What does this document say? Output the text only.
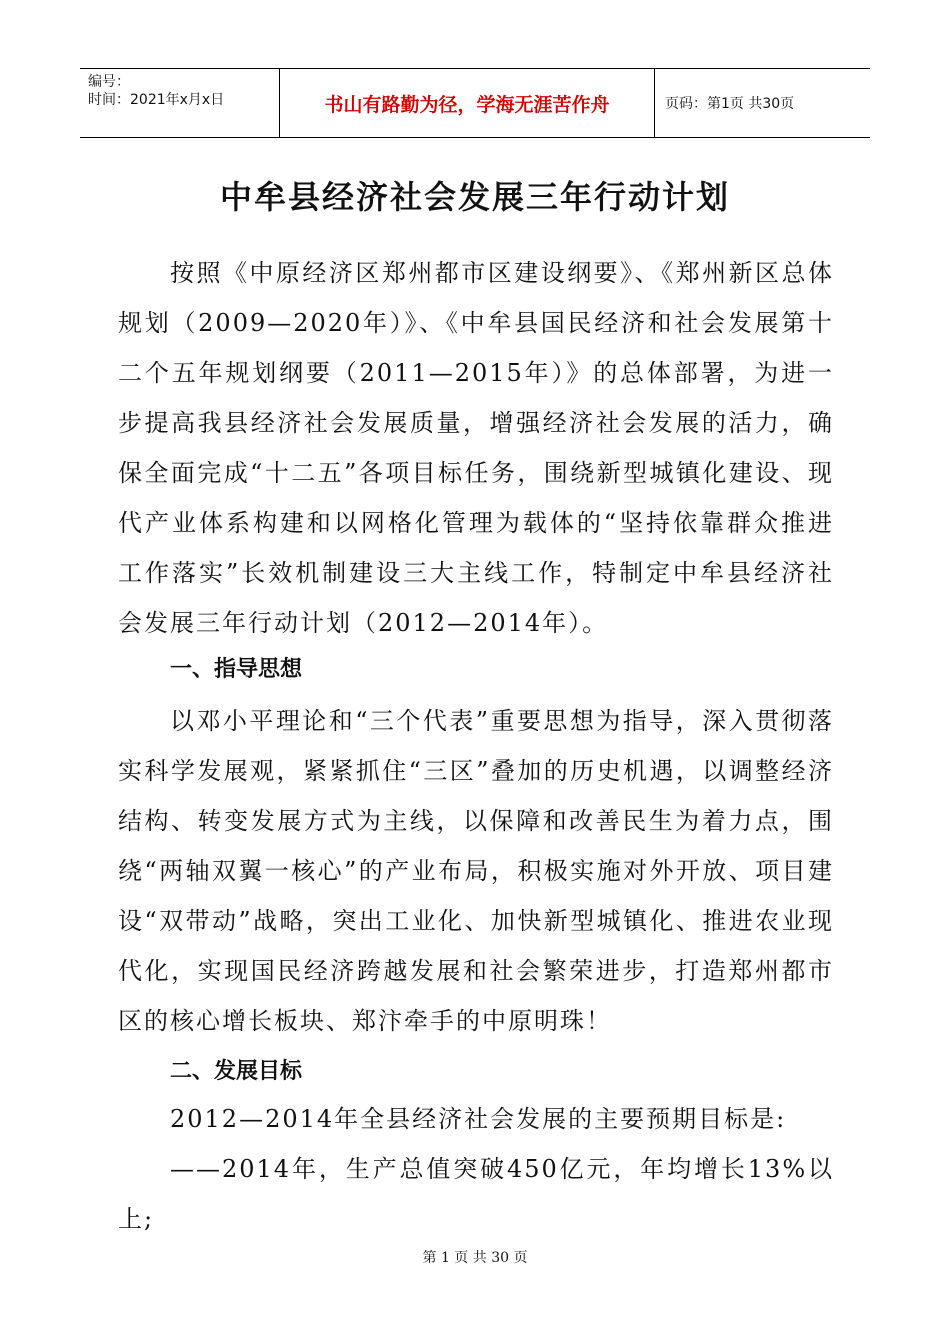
编号：
时间：2021年x月x日	书山有路勤为径，学海无涯苦作舟	页码：第1页 共30页
中牟县经济社会发展三年行动计划
按照《中原经济区郑州都市区建设纲要》、《郑州新区总体规划（2009—2020年）》、《中牟县国民经济和社会发展第十二个五年规划纲要（2011—2015年）》的总体部署，为进一步提高我县经济社会发展质量，增强经济社会发展的活力，确保全面完成“十二五”各项目标任务，围绕新型城镇化建设、现代产业体系构建和以网格化管理为载体的“坚持依靠群众推进工作落实”长效机制建设三大主线工作，特制定中牟县经济社会发展三年行动计划（2012—2014年）。
一、指导思想
以邓小平理论和“三个代表”重要思想为指导，深入贯彻落实科学发展观，紧紧抓住“三区”叠加的历史机遇，以调整经济结构、转变发展方式为主线，以保障和改善民生为着力点，围绕“两轴双翼一核心”的产业布局，积极实施对外开放、项目建设“双带动”战略，突出工业化、加快新型城镇化、推进农业现代化，实现国民经济跨越发展和社会繁荣进步，打造郑州都市区的核心增长板块、郑汴牵手的中原明珠！
二、发展目标
2012—2014年全县经济社会发展的主要预期目标是:
——2014年，生产总值突破450亿元，年均增长13%以上;
第 1 页 共 30 页
